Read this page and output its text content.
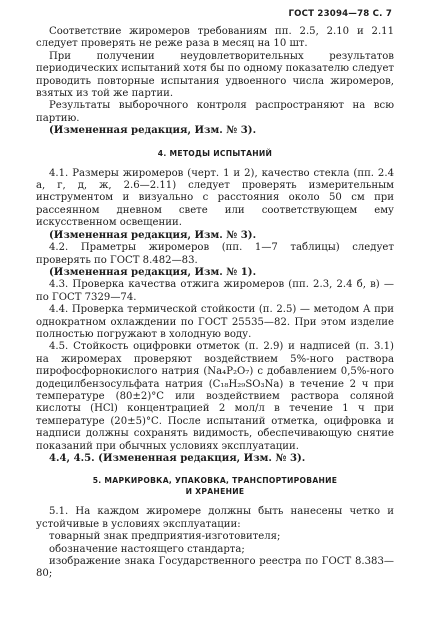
ГОСТ 23094—78 С. 7
Соответствие жиромеров требованиям пп. 2.5, 2.10 и 2.11 следует проверять не реже раза в месяц на 10 шт.
При получении неудовлетворительных результатов периодических испытаний хотя бы по одному показателю следует проводить повторные испытания удвоенного числа жиромеров, взятых из той же партии.
Результаты выборочного контроля распространяют на всю партию.
(Измененная редакция, Изм. № 3).
4. МЕТОДЫ ИСПЫТАНИЙ
4.1. Размеры жиромеров (черт. 1 и 2), качество стекла (пп. 2.4 а, г, д, ж, 2.6—2.11) следует проверять измерительным инструментом и визуально с расстояния около 50 см при рассеянном дневном свете или соответствующем ему искусственном освещении.
(Измененная редакция, Изм. № 3).
4.2. Праметры жиромеров (пп. 1—7 таблицы) следует проверять по ГОСТ 8.482—83.
(Измененная редакция, Изм. № 1).
4.3. Проверка качества отжига жиромеров (пп. 2.3, 2.4 б, в) — по ГОСТ 7329—74.
4.4. Проверка термической стойкости (п. 2.5) — методом А при однократном охлаждении по ГОСТ 25535—82. При этом изделие полностью погружают в холодную воду.
4.5. Стойкость оцифровки отметок (п. 2.9) и надписей (п. 3.1) на жиромерах проверяют воздействием 5%-ного раствора пирофосфорнокислого натрия (Na₄P₂O₇) с добавлением 0,5%-ного додецилбензосульфата натрия (C₁₈H₂₉SO₃Na) в течение 2 ч при температуре (80±2)°С или воздействием раствора соляной кислоты (НСl) концентрацией 2 мол/л в течение 1 ч при температуре (20±5)°С. После испытаний отметка, оцифровка и надписи должны сохранять видимость, обеспечивающую снятие показаний при обычных условиях эксплуатации.
4.4, 4.5. (Измененная редакция, Изм. № 3).
5. МАРКИРОВКА, УПАКОВКА, ТРАНСПОРТИРОВАНИЕ
И ХРАНЕНИЕ
5.1. На каждом жиромере должны быть нанесены четко и устойчивые в условиях эксплуатации:
товарный знак предприятия-изготовителя;
обозначение настоящего стандарта;
изображение знака Государственного реестра по ГОСТ 8.383—80;
